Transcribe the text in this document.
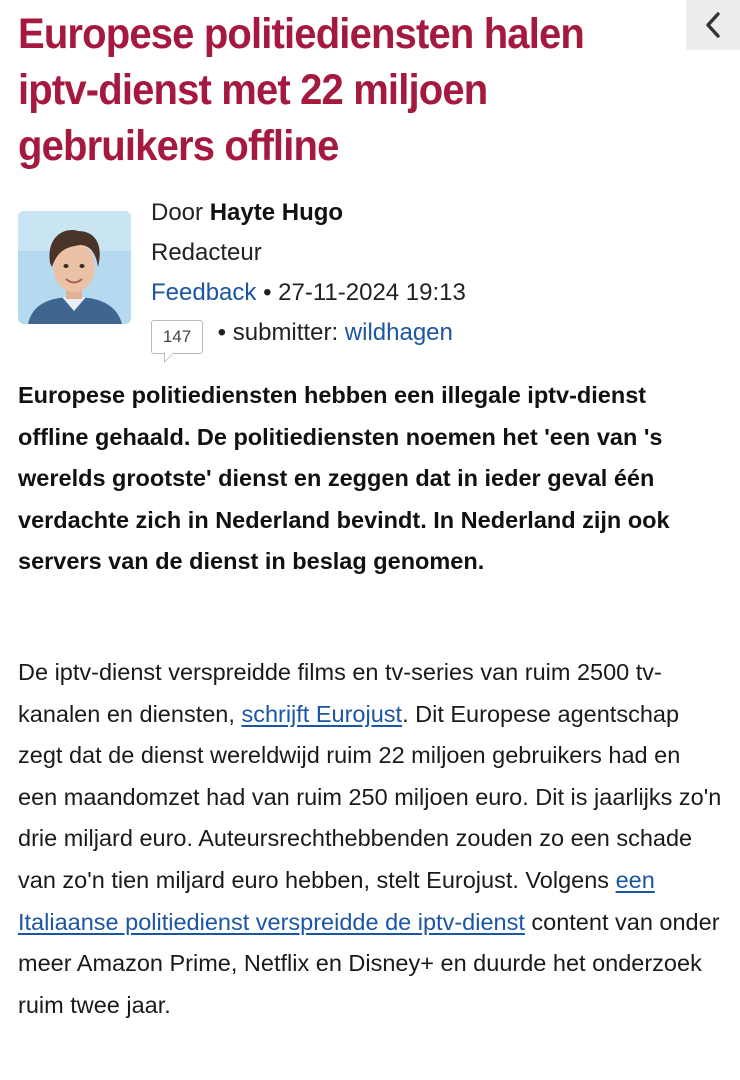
Europese politiediensten halen iptv-dienst met 22 miljoen gebruikers offline
Door Hayte Hugo
Redacteur
Feedback • 27-11-2024 19:13
147 • submitter: wildhagen

Europese politiediensten hebben een illegale iptv-dienst offline gehaald. De politiediensten noemen het 'een van 's werelds grootste' dienst en zeggen dat in ieder geval één verdachte zich in Nederland bevindt. In Nederland zijn ook servers van de dienst in beslag genomen.

De iptv-dienst verspreidde films en tv-series van ruim 2500 tv-kanalen en diensten, schrijft Eurojust. Dit Europese agentschap zegt dat de dienst wereldwijd ruim 22 miljoen gebruikers had en een maandomzet had van ruim 250 miljoen euro. Dit is jaarlijks zo'n drie miljard euro. Auteursrechthebbenden zouden zo een schade van zo'n tien miljard euro hebben, stelt Eurojust. Volgens een Italiaanse politiedienst verspreidde de iptv-dienst content van onder meer Amazon Prime, Netflix en Disney+ en duurde het onderzoek ruim twee jaar.
